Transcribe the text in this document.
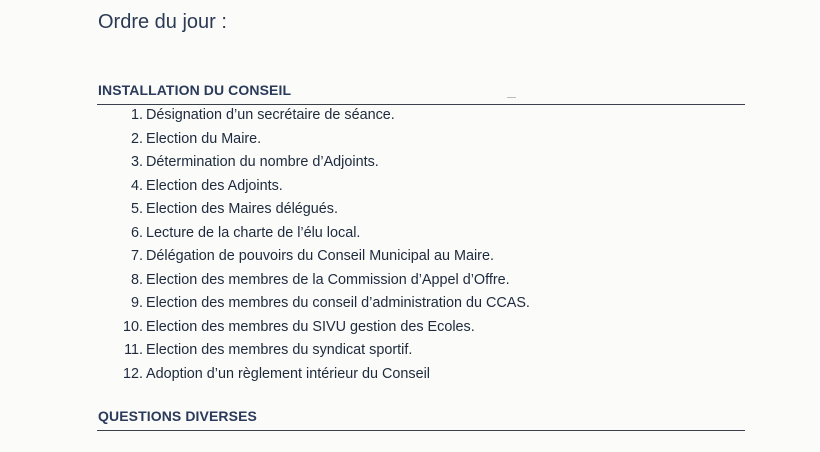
Ordre du jour :
INSTALLATION DU CONSEIL
1. Désignation d’un secrétaire de séance.
2. Election du Maire.
3. Détermination du nombre d’Adjoints.
4. Election des Adjoints.
5. Election des Maires délégués.
6. Lecture de la charte de l’élu local.
7. Délégation de pouvoirs du Conseil Municipal au Maire.
8. Election des membres de la Commission d’Appel d’Offre.
9. Election des membres du conseil d’administration du CCAS.
10. Election des membres du SIVU gestion des Ecoles.
11. Election des membres du syndicat sportif.
12. Adoption d’un règlement intérieur du Conseil
QUESTIONS DIVERSES
